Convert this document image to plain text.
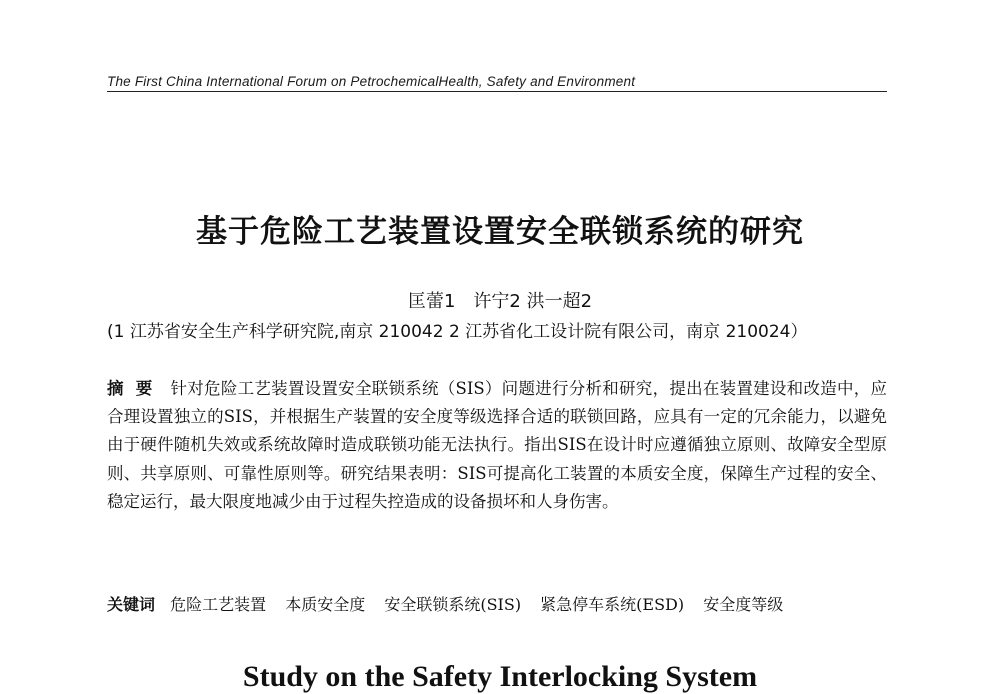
The First China International Forum on PetrochemicalHealth, Safety and Environment
基于危险工艺装置设置安全联锁系统的研究
匡蕾1　许宁2 洪一超2
(1 江苏省安全生产科学研究院,南京 210042 2 江苏省化工设计院有限公司，南京 210024）
摘要 针对危险工艺装置设置安全联锁系统（SIS）问题进行分析和研究，提出在装置建设和改造中，应合理设置独立的SIS，并根据生产装置的安全度等级选择合适的联锁回路，应具有一定的冗余能力，以避免由于硬件随机失效或系统故障时造成联锁功能无法执行。指出SIS在设计时应遵循独立原则、故障安全型原则、共享原则、可靠性原则等。研究结果表明：SIS可提高化工装置的本质安全度，保障生产过程的安全、稳定运行，最大限度地减少由于过程失控造成的设备损坏和人身伤害。
关键词 危险工艺装置 本质安全度 安全联锁系统(SIS) 紧急停车系统(ESD) 安全度等级
Study on the Safety Interlocking System
